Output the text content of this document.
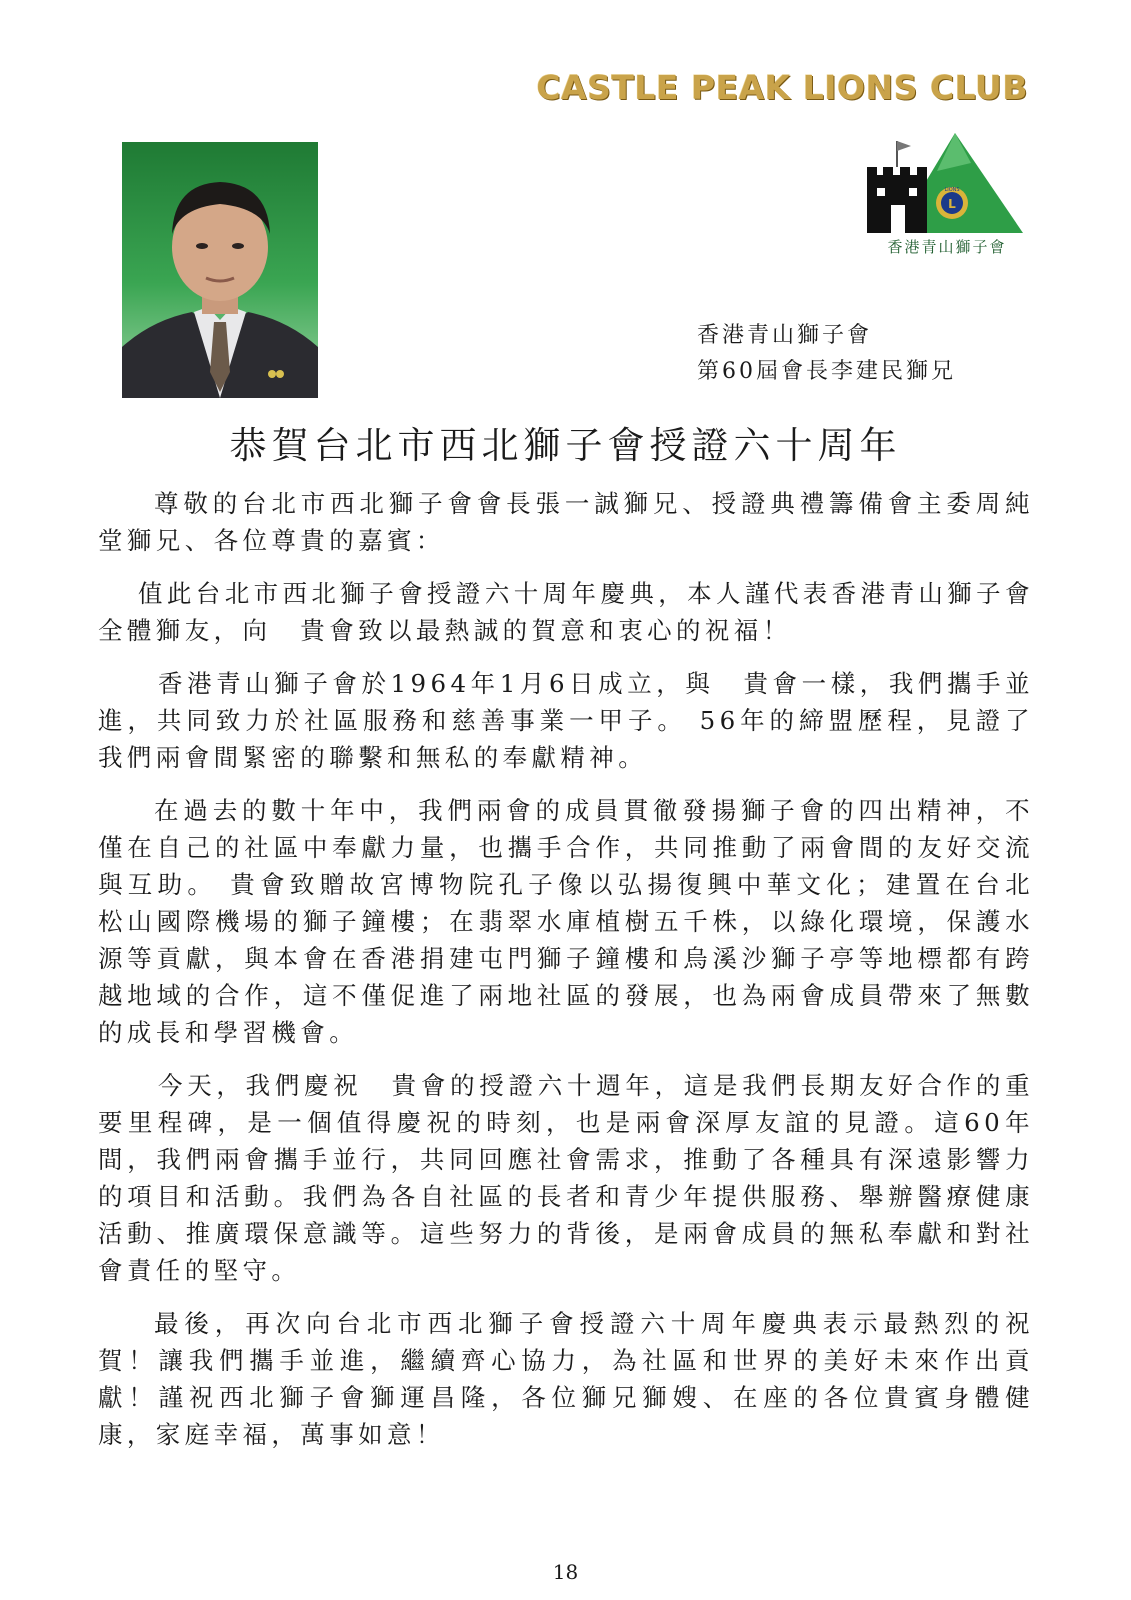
CASTLE PEAK LIONS CLUB
L
LIONS
香港青山獅子會
香港青山獅子會
第60屆會長李建民獅兄
恭賀台北市西北獅子會授證六十周年

尊敬的台北市西北獅子會會長張一誠獅兄、授證典禮籌備會主委周純堂獅兄、各位尊貴的嘉賓：

值此台北市西北獅子會授證六十周年慶典，本人謹代表香港青山獅子會全體獅友，向　貴會致以最熱誠的賀意和衷心的祝福！

香港青山獅子會於1964年1月6日成立，與　貴會一樣，我們攜手並進，共同致力於社區服務和慈善事業一甲子。 56年的締盟歷程，見證了我們兩會間緊密的聯繫和無私的奉獻精神。

在過去的數十年中，我們兩會的成員貫徹發揚獅子會的四出精神，不僅在自己的社區中奉獻力量，也攜手合作，共同推動了兩會間的友好交流與互助。 貴會致贈故宮博物院孔子像以弘揚復興中華文化；建置在台北松山國際機場的獅子鐘樓；在翡翠水庫植樹五千株，以綠化環境，保護水源等貢獻，與本會在香港捐建屯門獅子鐘樓和烏溪沙獅子亭等地標都有跨越地域的合作，這不僅促進了兩地社區的發展，也為兩會成員帶來了無數的成長和學習機會。

今天，我們慶祝　貴會的授證六十週年，這是我們長期友好合作的重要里程碑，是一個值得慶祝的時刻，也是兩會深厚友誼的見證。這60年間，我們兩會攜手並行，共同回應社會需求，推動了各種具有深遠影響力的項目和活動。我們為各自社區的長者和青少年提供服務、舉辦醫療健康活動、推廣環保意識等。這些努力的背後，是兩會成員的無私奉獻和對社會責任的堅守。

最後，再次向台北市西北獅子會授證六十周年慶典表示最熱烈的祝賀！讓我們攜手並進，繼續齊心協力，為社區和世界的美好未來作出貢獻！謹祝西北獅子會獅運昌隆，各位獅兄獅嫂、在座的各位貴賓身體健康，家庭幸福，萬事如意！

18
